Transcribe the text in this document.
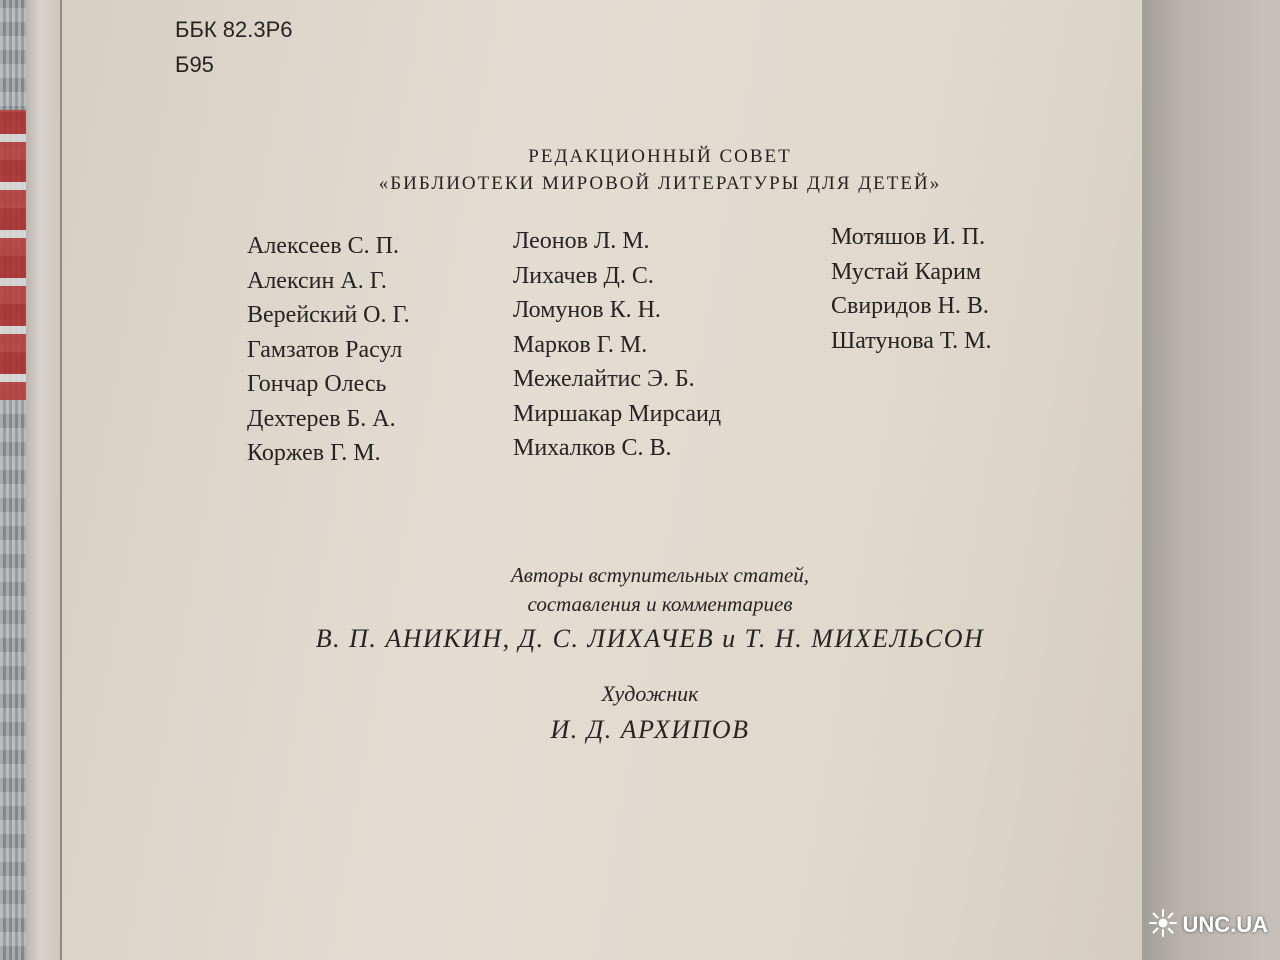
ББК 82.3Р6
Б95
РЕДАКЦИОННЫЙ СОВЕТ
«БИБЛИОТЕКИ МИРОВОЙ ЛИТЕРАТУРЫ ДЛЯ ДЕТЕЙ»
Алексеев С. П.
Алексин А. Г.
Верейский О. Г.
Гамзатов Расул
Гончар Олесь
Дехтерев Б. А.
Коржев Г. М.
Леонов Л. М.
Лихачев Д. С.
Ломунов К. Н.
Марков Г. М.
Межелайтис Э. Б.
Миршакар Мирсаид
Михалков С. В.
Мотяшов И. П.
Мустай Карим
Свиридов Н. В.
Шатунова Т. М.
Авторы вступительных статей,
составления и комментариев
В. П. АНИКИН, Д. С. ЛИХАЧЕВ и Т. Н. МИХЕЛЬСОН
Художник
И. Д. АРХИПОВ
UNC.UA
